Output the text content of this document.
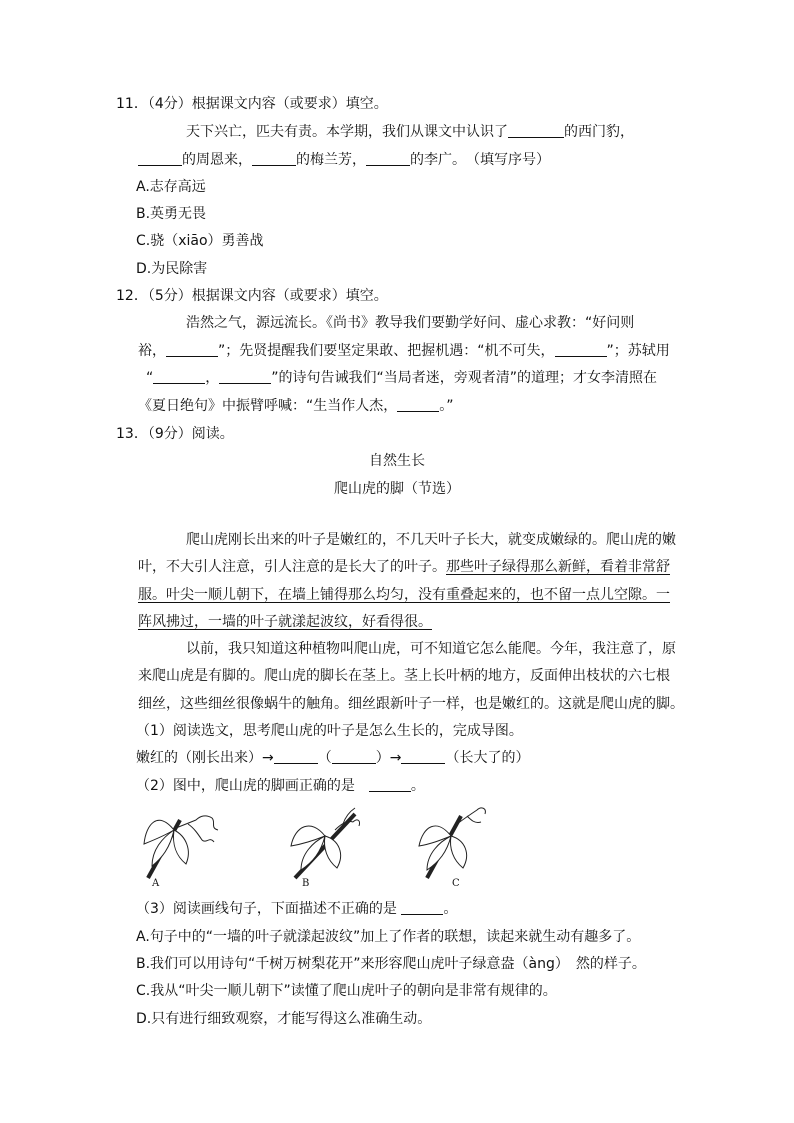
11．（4分）根据课文内容（或要求）填空。
天下兴亡，匹夫有责。本学期，我们从课文中认识了	的西门豹，
的周恩来，	的梅兰芳，	的李广。　（填写序号）
A.志存高远
B.英勇无畏
C.骁（xiāo）勇善战
D.为民除害
12．（5分）根据课文内容（或要求）填空。
浩然之气，源远流长。《尚书》教导我们要勤学好问、虚心求教：“好问则
裕，	”；先贤提醒我们要坚定果敢、把握机遇：“机不可失，	”；苏轼用
“	，	”的诗句告诫我们“当局者迷，旁观者清”的道理；才女李清照在
《夏日绝句》中振臂呼喊：“生当作人杰，	。”
13．（9分）阅读。
自然生长
爬山虎的脚（节选）
爬山虎刚长出来的叶子是嫩红的，不几天叶子长大，就变成嫩绿的。爬山虎的嫩
叶，不大引人注意，引人注意的是长大了的叶子。那些叶子绿得那么新鲜，看着非常舒
服。叶尖一顺儿朝下，在墙上铺得那么均匀，没有重叠起来的，也不留一点儿空隙。一
阵风拂过，一墙的叶子就漾起波纹，好看得很。
以前，我只知道这种植物叫爬山虎，可不知道它怎么能爬。今年，我注意了，原
来爬山虎是有脚的。爬山虎的脚长在茎上。茎上长叶柄的地方，反面伸出枝状的六七根
细丝，这些细丝很像蜗牛的触角。细丝跟新叶子一样，也是嫩红的。这就是爬山虎的脚。
（1）阅读选文，思考爬山虎的叶子是怎么生长的，完成导图。
嫩红的（刚长出来）→	（	）→	（长大了的）
（2）图中，爬山虎的脚画正确的是　	。
A	B	C
（3）阅读画线句子，下面描述不正确的是	。
A.句子中的“一墙的叶子就漾起波纹”加上了作者的联想，读起来就生动有趣多了。
B.我们可以用诗句“千树万树梨花开”来形容爬山虎叶子绿意盎（àng）　然的样子。
C.我从“叶尖一顺儿朝下”读懂了爬山虎叶子的朝向是非常有规律的。
D.只有进行细致观察，才能写得这么准确生动。
